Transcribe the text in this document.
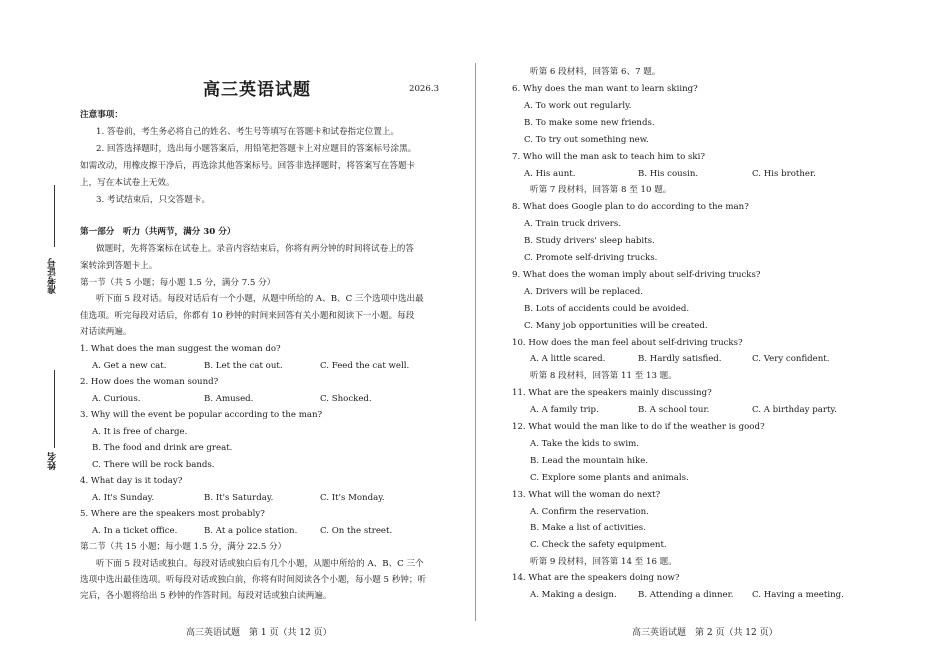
准考证号
姓名
高三英语试题	2026.3
注意事项：
1. 答卷前，考生务必将自己的姓名、考生号等填写在答题卡和试卷指定位置上。
2. 回答选择题时，选出每小题答案后，用铅笔把答题卡上对应题目的答案标号涂黑。
如需改动，用橡皮擦干净后，再选涂其他答案标号。回答非选择题时，将答案写在答题卡
上，写在本试卷上无效。
3. 考试结束后，只交答题卡。
第一部分　听力（共两节，满分 30 分）
做题时，先将答案标在试卷上。录音内容结束后，你将有两分钟的时间将试卷上的答
案转涂到答题卡上。
第一节（共 5 小题；每小题 1.5 分，满分 7.5 分）
听下面 5 段对话。每段对话后有一个小题，从题中所给的 A、B、C 三个选项中选出最
佳选项。听完每段对话后，你都有 10 秒钟的时间来回答有关小题和阅读下一小题。每段
对话读两遍。
1. What does the man suggest the woman do?
A. Get a new cat.	B. Let the cat out.	C. Feed the cat well.
2. How does the woman sound?
A. Curious.	B. Amused.	C. Shocked.
3. Why will the event be popular according to the man?
A. It is free of charge.
B. The food and drink are great.
C. There will be rock bands.
4. What day is it today?
A. It's Sunday.	B. It's Saturday.	C. It's Monday.
5. Where are the speakers most probably?
A. In a ticket office.	B. At a police station.	C. On the street.
第二节（共 15 小题；每小题 1.5 分，满分 22.5 分）
听下面 5 段对话或独白。每段对话或独白后有几个小题，从题中所给的 A、B、C 三个
选项中选出最佳选项。听每段对话或独白前，你将有时间阅读各个小题，每小题 5 秒钟；听
完后，各小题将给出 5 秒钟的作答时间。每段对话或独白读两遍。
高三英语试题　第 1 页（共 12 页）
听第 6 段材料，回答第 6、7 题。
6. Why does the man want to learn skiing?
A. To work out regularly.
B. To make some new friends.
C. To try out something new.
7. Who will the man ask to teach him to ski?
A. His aunt.	B. His cousin.	C. His brother.
听第 7 段材料，回答第 8 至 10 题。
8. What does Google plan to do according to the man?
A. Train truck drivers.
B. Study drivers' sleep habits.
C. Promote self-driving trucks.
9. What does the woman imply about self-driving trucks?
A. Drivers will be replaced.
B. Lots of accidents could be avoided.
C. Many job opportunities will be created.
10. How does the man feel about self-driving trucks?
A. A little scared.	B. Hardly satisfied.	C. Very confident.
听第 8 段材料，回答第 11 至 13 题。
11. What are the speakers mainly discussing?
A. A family trip.	B. A school tour.	C. A birthday party.
12. What would the man like to do if the weather is good?
A. Take the kids to swim.
B. Lead the mountain hike.
C. Explore some plants and animals.
13. What will the woman do next?
A. Confirm the reservation.
B. Make a list of activities.
C. Check the safety equipment.
听第 9 段材料，回答第 14 至 16 题。
14. What are the speakers doing now?
A. Making a design. B. Attending a dinner. C. Having a meeting.
高三英语试题　第 2 页（共 12 页）
